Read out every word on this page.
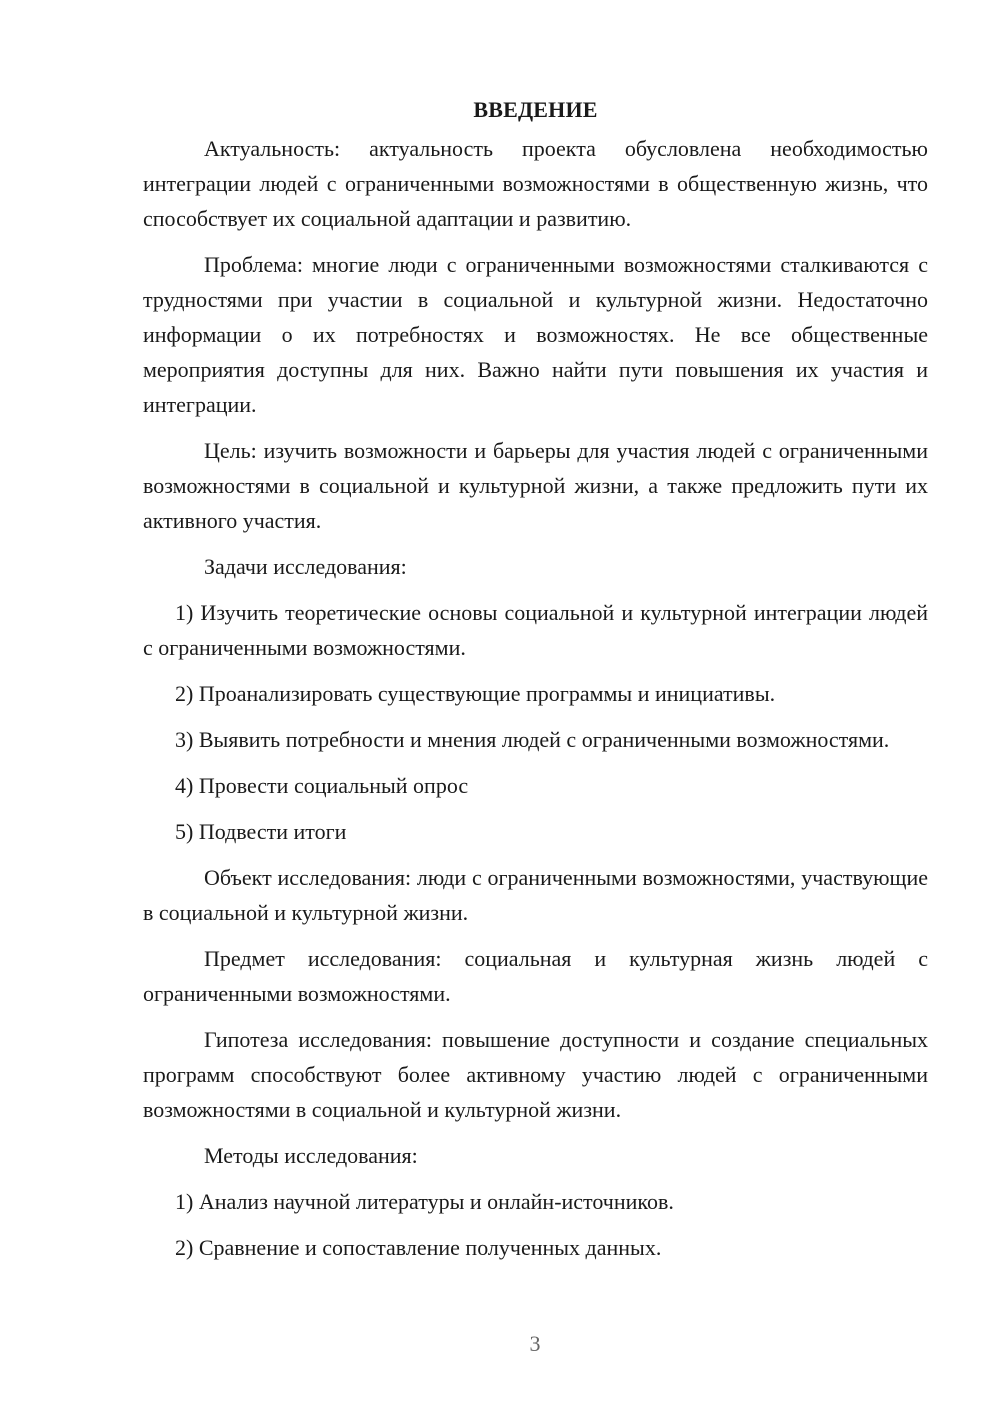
ВВЕДЕНИЕ

Актуальность: актуальность проекта обусловлена необходимостью интеграции людей с ограниченными возможностями в общественную жизнь, что способствует их социальной адаптации и развитию.

Проблема: многие люди с ограниченными возможностями сталкиваются с трудностями при участии в социальной и культурной жизни. Недостаточно информации о их потребностях и возможностях. Не все общественные мероприятия доступны для них. Важно найти пути повышения их участия и интеграции.

Цель: изучить возможности и барьеры для участия людей с ограниченными возможностями в социальной и культурной жизни, а также предложить пути их активного участия.

Задачи исследования:

1) Изучить теоретические основы социальной и культурной интеграции людей с ограниченными возможностями.

2) Проанализировать существующие программы и инициативы.

3) Выявить потребности и мнения людей с ограниченными возможностями.

4) Провести социальный опрос

5) Подвести итоги

Объект исследования: люди с ограниченными возможностями, участвующие в социальной и культурной жизни.

Предмет исследования: социальная и культурная жизнь людей с ограниченными возможностями.

Гипотеза исследования: повышение доступности и создание специальных программ способствуют более активному участию людей с ограниченными возможностями в социальной и культурной жизни.

Методы исследования:

1) Анализ научной литературы и онлайн-источников.

2) Сравнение и сопоставление полученных данных.

3
